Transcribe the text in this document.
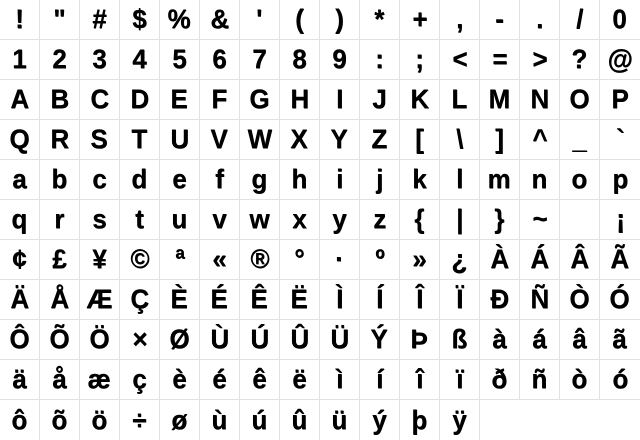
! " # $ % & ' ( ) * + , - . / 0
1 2 3 4 5 6 7 8 9 : ; < = > ? @
A B C D E F G H I J K L M N O P
Q R S T U V W X Y Z [ \ ] ^ _ `
a b c d e f g h i j k l m n o p
q r s t u v w x y z { | } ~	¡
¢ £ ¥ © ª « ® ° · º » ¿ À Á Â Ã
Ä Å Æ Ç È É Ê Ë Ì Í Î Ï Ð Ñ Ò Ó
Ô Õ Ö × Ø Ù Ú Û Ü Ý Þ ß à á â ã
ä å æ ç è é ê ë ì í î ï ð ñ ò ó
ô õ ö ÷ ø ù ú û ü ý þ ÿ
